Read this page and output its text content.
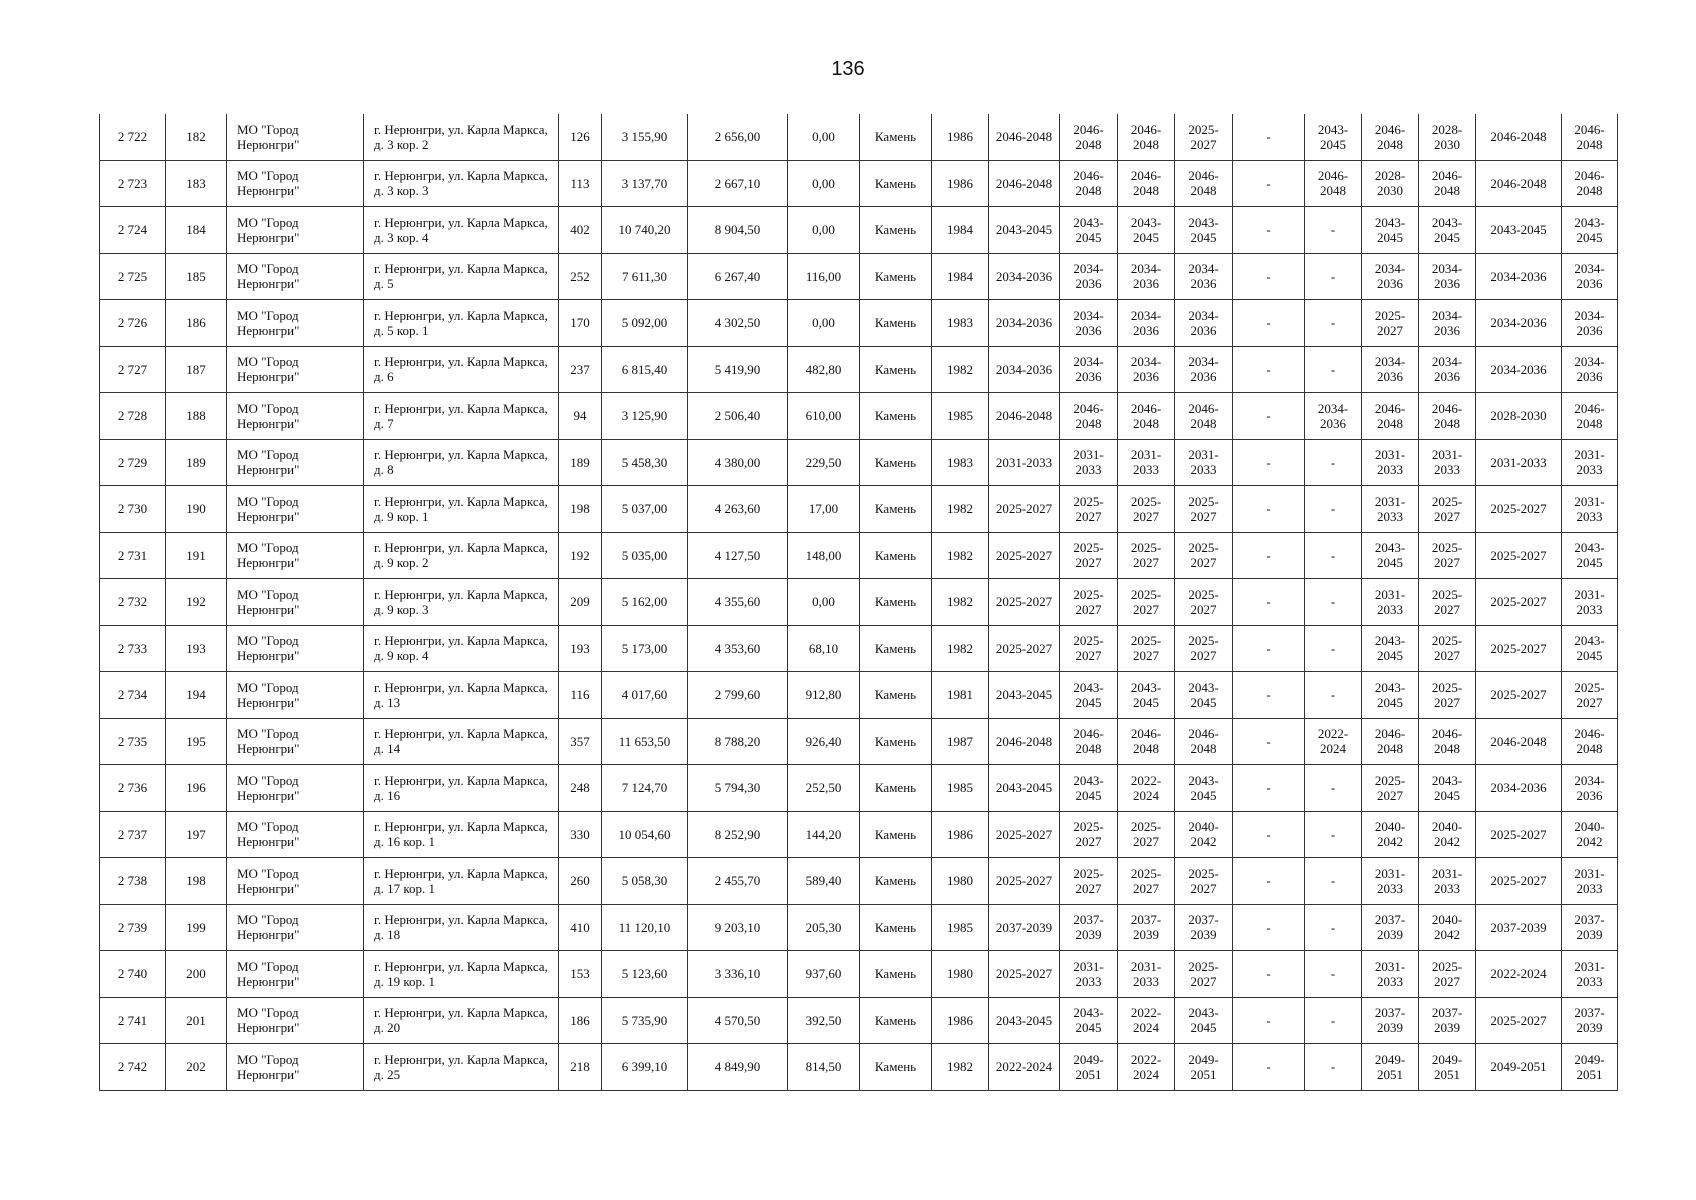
136
2 722	182	МО "Город Нерюнгри"	г. Нерюнгри, ул. Карла Маркса, д. 3 кор. 2	126	3 155,90	2 656,00	0,00	Камень	1986	2046-2048	2046-2048	2046-2048	2025-2027	-	2043-2045	2046-2048	2028-2030	2046-2048	2046-2048
2 723	183	МО "Город Нерюнгри"	г. Нерюнгри, ул. Карла Маркса, д. 3 кор. 3	113	3 137,70	2 667,10	0,00	Камень	1986	2046-2048	2046-2048	2046-2048	2046-2048	-	2046-2048	2028-2030	2046-2048	2046-2048	2046-2048
2 724	184	МО "Город Нерюнгри"	г. Нерюнгри, ул. Карла Маркса, д. 3 кор. 4	402	10 740,20	8 904,50	0,00	Камень	1984	2043-2045	2043-2045	2043-2045	2043-2045	-	-	2043-2045	2043-2045	2043-2045	2043-2045
2 725	185	МО "Город Нерюнгри"	г. Нерюнгри, ул. Карла Маркса, д. 5	252	7 611,30	6 267,40	116,00	Камень	1984	2034-2036	2034-2036	2034-2036	2034-2036	-	-	2034-2036	2034-2036	2034-2036	2034-2036
2 726	186	МО "Город Нерюнгри"	г. Нерюнгри, ул. Карла Маркса, д. 5 кор. 1	170	5 092,00	4 302,50	0,00	Камень	1983	2034-2036	2034-2036	2034-2036	2034-2036	-	-	2025-2027	2034-2036	2034-2036	2034-2036
2 727	187	МО "Город Нерюнгри"	г. Нерюнгри, ул. Карла Маркса, д. 6	237	6 815,40	5 419,90	482,80	Камень	1982	2034-2036	2034-2036	2034-2036	2034-2036	-	-	2034-2036	2034-2036	2034-2036	2034-2036
2 728	188	МО "Город Нерюнгри"	г. Нерюнгри, ул. Карла Маркса, д. 7	94	3 125,90	2 506,40	610,00	Камень	1985	2046-2048	2046-2048	2046-2048	2046-2048	-	2034-2036	2046-2048	2046-2048	2028-2030	2046-2048
2 729	189	МО "Город Нерюнгри"	г. Нерюнгри, ул. Карла Маркса, д. 8	189	5 458,30	4 380,00	229,50	Камень	1983	2031-2033	2031-2033	2031-2033	2031-2033	-	-	2031-2033	2031-2033	2031-2033	2031-2033
2 730	190	МО "Город Нерюнгри"	г. Нерюнгри, ул. Карла Маркса, д. 9 кор. 1	198	5 037,00	4 263,60	17,00	Камень	1982	2025-2027	2025-2027	2025-2027	2025-2027	-	-	2031-2033	2025-2027	2025-2027	2031-2033
2 731	191	МО "Город Нерюнгри"	г. Нерюнгри, ул. Карла Маркса, д. 9 кор. 2	192	5 035,00	4 127,50	148,00	Камень	1982	2025-2027	2025-2027	2025-2027	2025-2027	-	-	2043-2045	2025-2027	2025-2027	2043-2045
2 732	192	МО "Город Нерюнгри"	г. Нерюнгри, ул. Карла Маркса, д. 9 кор. 3	209	5 162,00	4 355,60	0,00	Камень	1982	2025-2027	2025-2027	2025-2027	2025-2027	-	-	2031-2033	2025-2027	2025-2027	2031-2033
2 733	193	МО "Город Нерюнгри"	г. Нерюнгри, ул. Карла Маркса, д. 9 кор. 4	193	5 173,00	4 353,60	68,10	Камень	1982	2025-2027	2025-2027	2025-2027	2025-2027	-	-	2043-2045	2025-2027	2025-2027	2043-2045
2 734	194	МО "Город Нерюнгри"	г. Нерюнгри, ул. Карла Маркса, д. 13	116	4 017,60	2 799,60	912,80	Камень	1981	2043-2045	2043-2045	2043-2045	2043-2045	-	-	2043-2045	2025-2027	2025-2027	2025-2027
2 735	195	МО "Город Нерюнгри"	г. Нерюнгри, ул. Карла Маркса, д. 14	357	11 653,50	8 788,20	926,40	Камень	1987	2046-2048	2046-2048	2046-2048	2046-2048	-	2022-2024	2046-2048	2046-2048	2046-2048	2046-2048
2 736	196	МО "Город Нерюнгри"	г. Нерюнгри, ул. Карла Маркса, д. 16	248	7 124,70	5 794,30	252,50	Камень	1985	2043-2045	2043-2045	2022-2024	2043-2045	-	-	2025-2027	2043-2045	2034-2036	2034-2036
2 737	197	МО "Город Нерюнгри"	г. Нерюнгри, ул. Карла Маркса, д. 16 кор. 1	330	10 054,60	8 252,90	144,20	Камень	1986	2025-2027	2025-2027	2025-2027	2040-2042	-	-	2040-2042	2040-2042	2025-2027	2040-2042
2 738	198	МО "Город Нерюнгри"	г. Нерюнгри, ул. Карла Маркса, д. 17 кор. 1	260	5 058,30	2 455,70	589,40	Камень	1980	2025-2027	2025-2027	2025-2027	2025-2027	-	-	2031-2033	2031-2033	2025-2027	2031-2033
2 739	199	МО "Город Нерюнгри"	г. Нерюнгри, ул. Карла Маркса, д. 18	410	11 120,10	9 203,10	205,30	Камень	1985	2037-2039	2037-2039	2037-2039	2037-2039	-	-	2037-2039	2040-2042	2037-2039	2037-2039
2 740	200	МО "Город Нерюнгри"	г. Нерюнгри, ул. Карла Маркса, д. 19 кор. 1	153	5 123,60	3 336,10	937,60	Камень	1980	2025-2027	2031-2033	2031-2033	2025-2027	-	-	2031-2033	2025-2027	2022-2024	2031-2033
2 741	201	МО "Город Нерюнгри"	г. Нерюнгри, ул. Карла Маркса, д. 20	186	5 735,90	4 570,50	392,50	Камень	1986	2043-2045	2043-2045	2022-2024	2043-2045	-	-	2037-2039	2037-2039	2025-2027	2037-2039
2 742	202	МО "Город Нерюнгри"	г. Нерюнгри, ул. Карла Маркса, д. 25	218	6 399,10	4 849,90	814,50	Камень	1982	2022-2024	2049-2051	2022-2024	2049-2051	-	-	2049-2051	2049-2051	2049-2051	2049-2051
